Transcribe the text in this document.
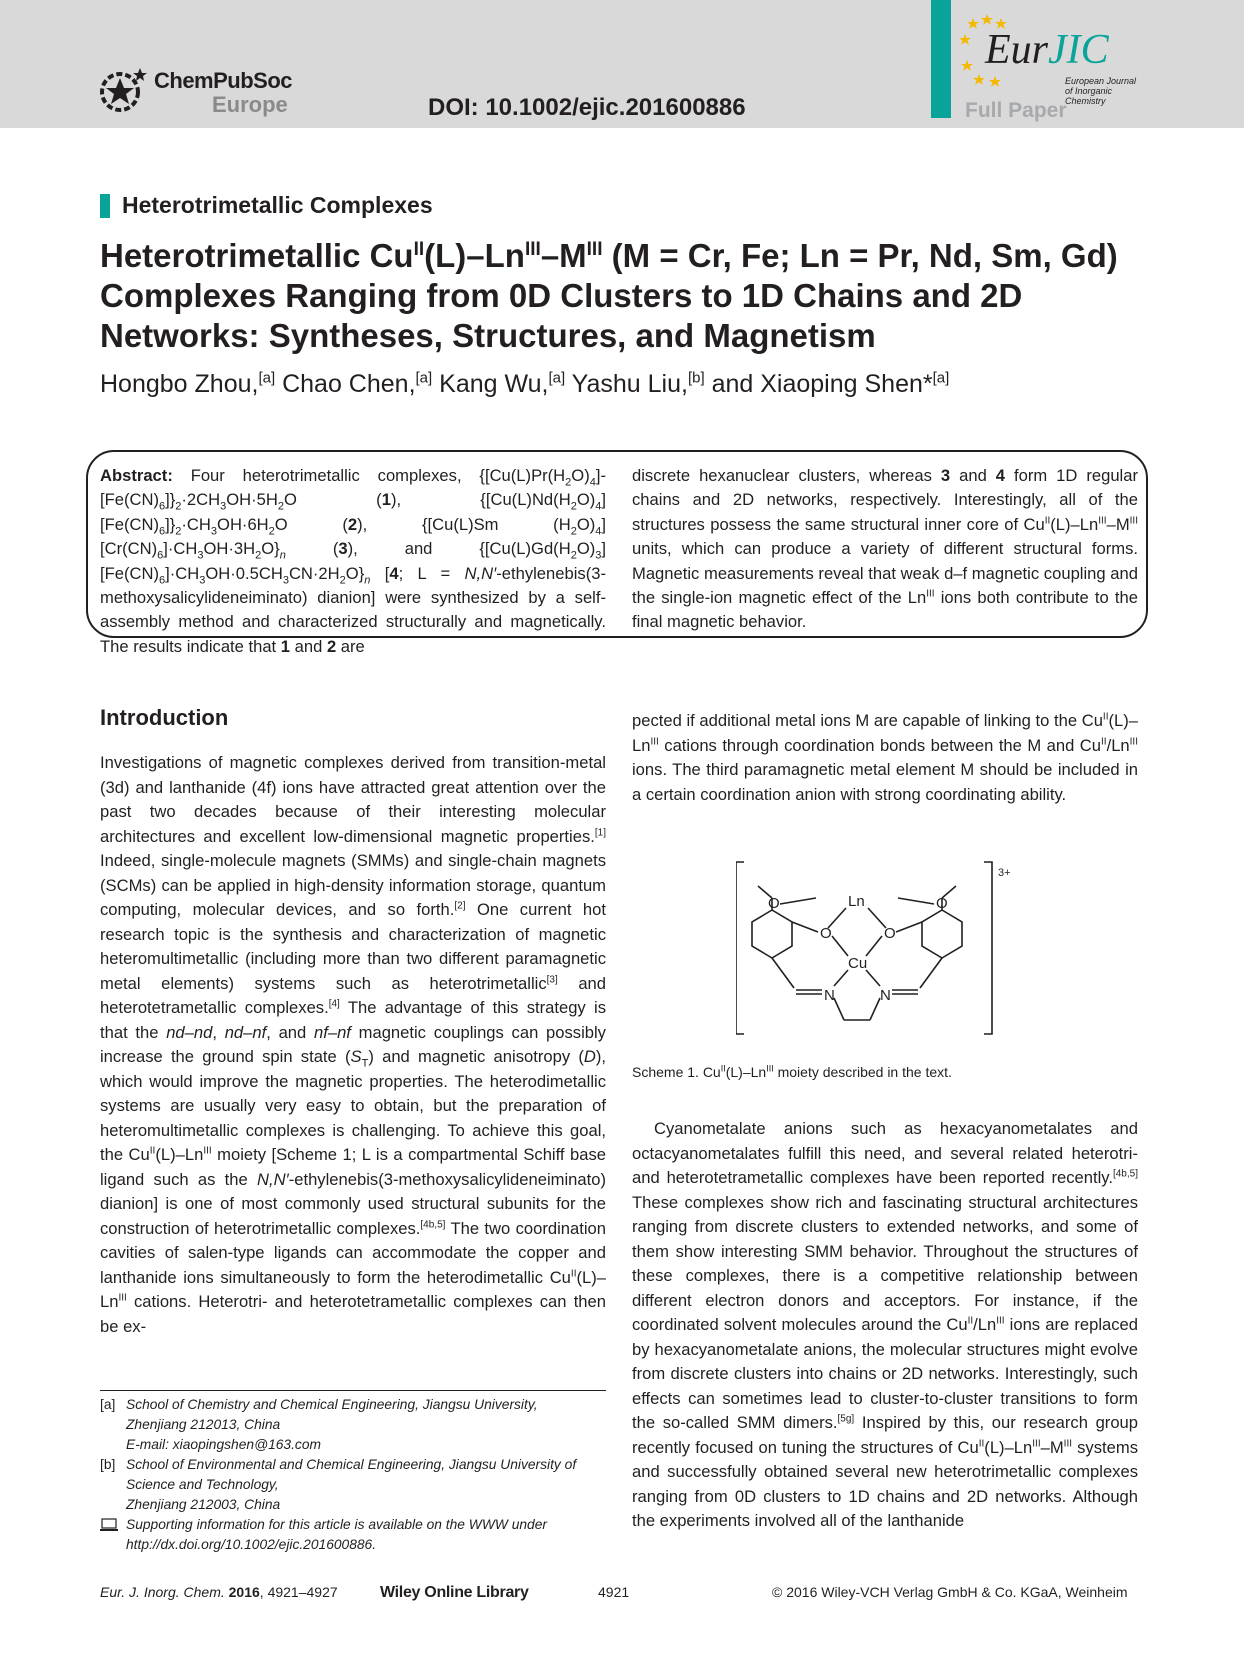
ChemPubSoc
Europe	DOI: 10.1002/ejic.201600886
EurJIC
European Journal
of Inorganic Chemistry
Full Paper
Heterotrimetallic Complexes
Heterotrimetallic $Cu^{II}(L)-Ln^{III}-M^{III}$ (M = Cr, Fe; Ln = Pr, Nd, Sm, Gd) Complexes Ranging from 0D Clusters to 1D Chains and 2D Networks: Syntheses, Structures, and Magnetism
Hongbo Zhou,[a] Chao Chen,[a] Kang Wu,[a] Yashu Liu,[b] and Xiaoping Shen*[a]
Abstract: Four heterotrimetallic complexes, $\{[Cu(L)Pr(H_2O)_4]-[Fe(CN)_6]\}_2\cdot 2CH_3OH\cdot 5H_2O$ (1), $\{[Cu(L)Nd(H_2O)_4][Fe(CN)_6]\}_2\cdot CH_3OH\cdot 6H_2O$ (2), {[Cu(L)Sm $(H_2O)_4][Cr(CN)_6]\cdot CH_3OH\cdot 3H_2O\}_n$ (3), and $\{[Cu(L)Gd(H_2O)_3][Fe(CN)_6]\cdot CH_3OH\cdot 0.5CH_3CN\cdot 2H_2O\}_n$ [4; L = N,N′-ethylenebis(3-methoxysalicylideneiminato) dianion] were synthesized by a self-assembly method and characterized structurally and magnetically. The results indicate that 1 and 2 are
discrete hexanuclear clusters, whereas 3 and 4 form 1D regular chains and 2D networks, respectively. Interestingly, all of the structures possess the same structural inner core of $Cu^{II}(L)-Ln^{III}-M^{III}$ units, which can produce a variety of different structural forms. Magnetic measurements reveal that weak d–f magnetic coupling and the single-ion magnetic effect of the $Ln^{III}$ ions both contribute to the final magnetic behavior.
Introduction

Investigations of magnetic complexes derived from transition-metal (3d) and lanthanide (4f) ions have attracted great attention over the past two decades because of their interesting molecular architectures and excellent low-dimensional magnetic properties.[1] Indeed, single-molecule magnets (SMMs) and single-chain magnets (SCMs) can be applied in high-density information storage, quantum computing, molecular devices, and so forth.[2] One current hot research topic is the synthesis and characterization of magnetic heteromultimetallic (including more than two different paramagnetic metal elements) systems such as heterotrimetallic[3] and heterotetrametallic complexes.[4] The advantage of this strategy is that the nd–nd, nd–nf, and nf–nf magnetic couplings can possibly increase the ground spin state $(S_T)$ and magnetic anisotropy (D), which would improve the magnetic properties. The heterodimetallic systems are usually very easy to obtain, but the preparation of heteromultimetallic complexes is challenging. To achieve this goal, the $Cu^{II}(L)-Ln^{III}$ moiety [Scheme 1; L is a compartmental Schiff base ligand such as the N,N′-ethylenebis(3-methoxysalicylideneiminato) dianion] is one of most commonly used structural subunits for the construction of heterotrimetallic complexes.[4b,5] The two coordination cavities of salen-type ligands can accommodate the copper and lanthanide ions simultaneously to form the heterodimetallic $Cu^{II}(L)-Ln^{III}$ cations. Heterotri- and heterotetrametallic complexes can then be ex-

pected if additional metal ions M are capable of linking to the $Cu^{II}(L)-Ln^{III}$ cations through coordination bonds between the M and $Cu^{II}/Ln^{III}$ ions. The third paramagnetic metal element M should be included in a certain coordination anion with strong coordinating ability.

Ln
Cu
O	O
O	O
N	N
3+
Scheme 1. $Cu^{II}(L)-Ln^{III}$ moiety described in the text.

Cyanometalate anions such as hexacyanometalates and octacyanometalates fulfill this need, and several related heterotri- and heterotetrametallic complexes have been reported recently.[4b,5] These complexes show rich and fascinating structural architectures ranging from discrete clusters to extended networks, and some of them show interesting SMM behavior. Throughout the structures of these complexes, there is a competitive relationship between different electron donors and acceptors. For instance, if the coordinated solvent molecules around the $Cu^{II}/Ln^{III}$ ions are replaced by hexacyanometalate anions, the molecular structures might evolve from discrete clusters into chains or 2D networks. Interestingly, such effects can sometimes lead to cluster-to-cluster transitions to form the so-called SMM dimers.[5g] Inspired by this, our research group recently focused on tuning the structures of $Cu^{II}(L)-Ln^{III}-M^{III}$ systems and successfully obtained several new heterotrimetallic complexes ranging from 0D clusters to 1D chains and 2D networks. Although the experiments involved all of the lanthanide

[a] School of Chemistry and Chemical Engineering, Jiangsu University,
Zhenjiang 212013, China
E-mail: xiaopingshen@163.com
[b] School of Environmental and Chemical Engineering, Jiangsu University of
Science and Technology,
Zhenjiang 212003, China
Supporting information for this article is available on the WWW under
http://dx.doi.org/10.1002/ejic.201600886.
Eur. J. Inorg. Chem. 2016, 4921–4927	Wiley Online Library	4921	© 2016 Wiley-VCH Verlag GmbH & Co. KGaA, Weinheim
